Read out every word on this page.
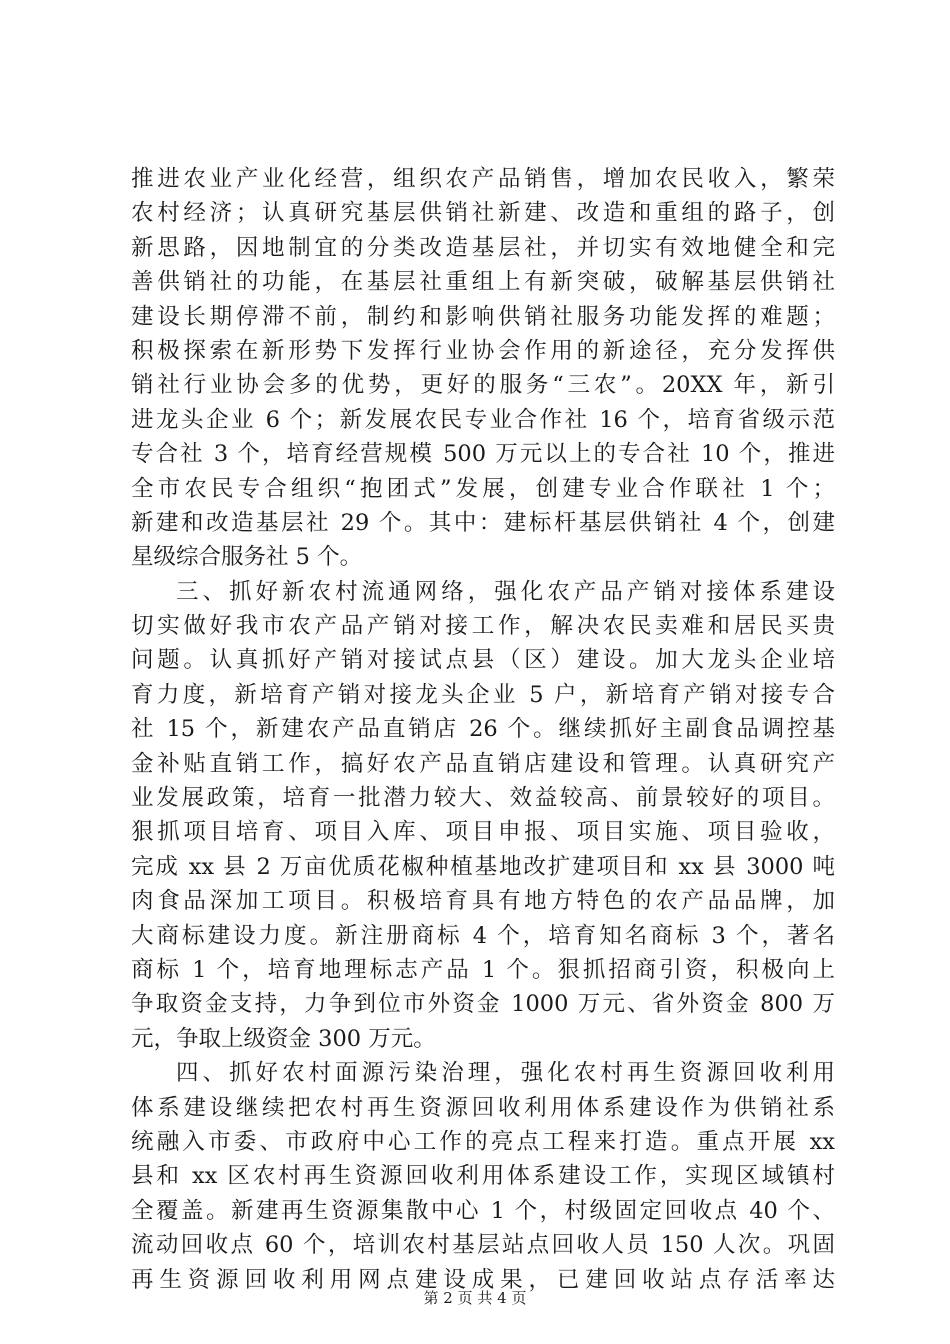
推进农业产业化经营，组织农产品销售，增加农民收入，繁荣
农村经济；认真研究基层供销社新建、改造和重组的路子，创
新思路，因地制宜的分类改造基层社，并切实有效地健全和完
善供销社的功能，在基层社重组上有新突破，破解基层供销社
建设长期停滞不前，制约和影响供销社服务功能发挥的难题；
积极探索在新形势下发挥行业协会作用的新途径，充分发挥供
销社行业协会多的优势，更好的服务“三农”。20XX 年，新引
进龙头企业 6 个；新发展农民专业合作社 16 个，培育省级示范
专合社 3 个，培育经营规模 500 万元以上的专合社 10 个，推进
全市农民专合组织“抱团式”发展，创建专业合作联社 1 个；
新建和改造基层社 29 个。其中：建标杆基层供销社 4 个，创建
星级综合服务社 5 个。
三、抓好新农村流通网络，强化农产品产销对接体系建设
切实做好我市农产品产销对接工作，解决农民卖难和居民买贵
问题。认真抓好产销对接试点县（区）建设。加大龙头企业培
育力度，新培育产销对接龙头企业 5 户，新培育产销对接专合
社 15 个，新建农产品直销店 26 个。继续抓好主副食品调控基
金补贴直销工作，搞好农产品直销店建设和管理。认真研究产
业发展政策，培育一批潜力较大、效益较高、前景较好的项目。
狠抓项目培育、项目入库、项目申报、项目实施、项目验收，
完成 xx 县 2 万亩优质花椒种植基地改扩建项目和 xx 县 3000 吨
肉食品深加工项目。积极培育具有地方特色的农产品品牌，加
大商标建设力度。新注册商标 4 个，培育知名商标 3 个，著名
商标 1 个，培育地理标志产品 1 个。狠抓招商引资，积极向上
争取资金支持，力争到位市外资金 1000 万元、省外资金 800 万
元，争取上级资金 300 万元。
四、抓好农村面源污染治理，强化农村再生资源回收利用
体系建设继续把农村再生资源回收利用体系建设作为供销社系
统融入市委、市政府中心工作的亮点工程来打造。重点开展 xx
县和 xx 区农村再生资源回收利用体系建设工作，实现区域镇村
全覆盖。新建再生资源集散中心 1 个，村级固定回收点 40 个、
流动回收点 60 个，培训农村基层站点回收人员 150 人次。巩固
再生资源回收利用网点建设成果，已建回收站点存活率达
第 2 页 共 4 页
